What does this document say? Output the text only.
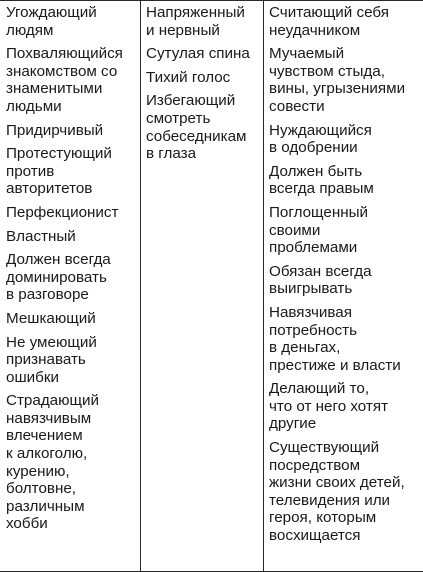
Угождающий
людям
Похваляющийся
знакомством со
знаменитыми
людьми
Придирчивый
Протестующий
против
авторитетов
Перфекционист
Властный
Должен всегда
доминировать
в разговоре
Мешкающий
Не умеющий
признавать
ошибки
Страдающий
навязчивым
влечением
к алкоголю,
курению,
болтовне,
различным
хобби
Напряженный
и нервный
Сутулая спина
Тихий голос
Избегающий
смотреть
собеседникам
в глаза
Считающий себя
неудачником
Мучаемый
чувством стыда,
вины, угрызениями
совести
Нуждающийся
в одобрении
Должен быть
всегда правым
Поглощенный
своими
проблемами
Обязан всегда
выигрывать
Навязчивая
потребность
в деньгах,
престиже и власти
Делающий то,
что от него хотят
другие
Существующий
посредством
жизни своих детей,
телевидения или
героя, которым
восхищается
